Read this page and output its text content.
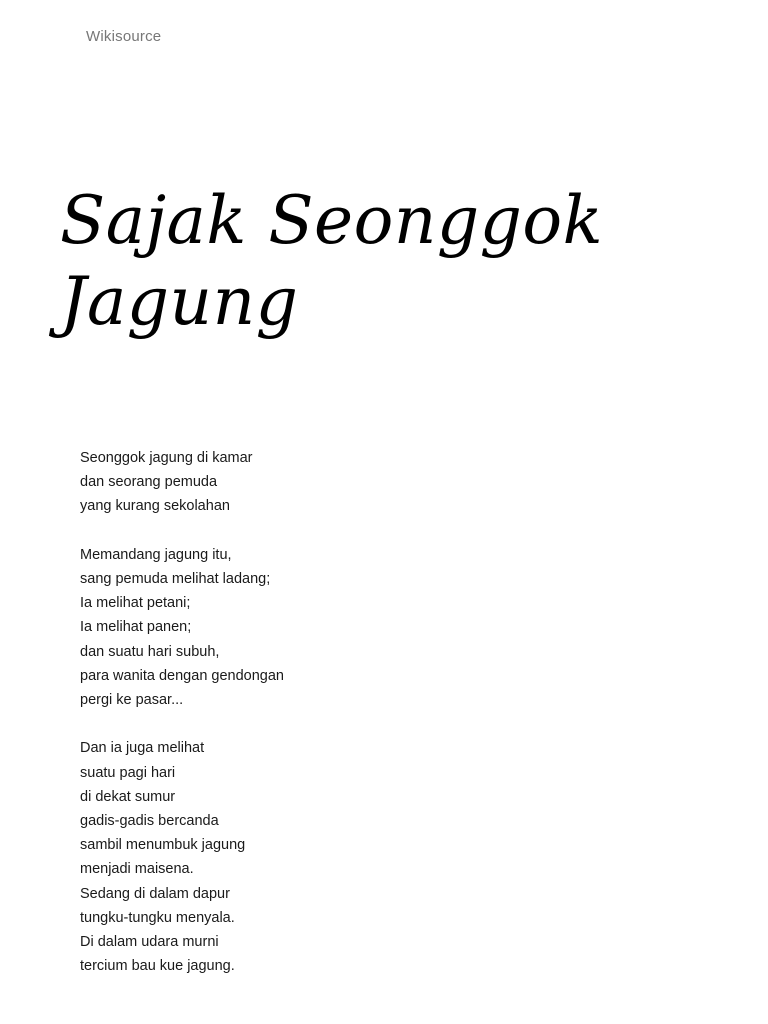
Wikisource
Sajak Seonggok Jagung
Seonggok jagung di kamar
dan seorang pemuda
yang kurang sekolahan
Memandang jagung itu,
sang pemuda melihat ladang;
Ia melihat petani;
Ia melihat panen;
dan suatu hari subuh,
para wanita dengan gendongan
pergi ke pasar...
Dan ia juga melihat
suatu pagi hari
di dekat sumur
gadis-gadis bercanda
sambil menumbuk jagung
menjadi maisena.
Sedang di dalam dapur
tungku-tungku menyala.
Di dalam udara murni
tercium bau kue jagung.
